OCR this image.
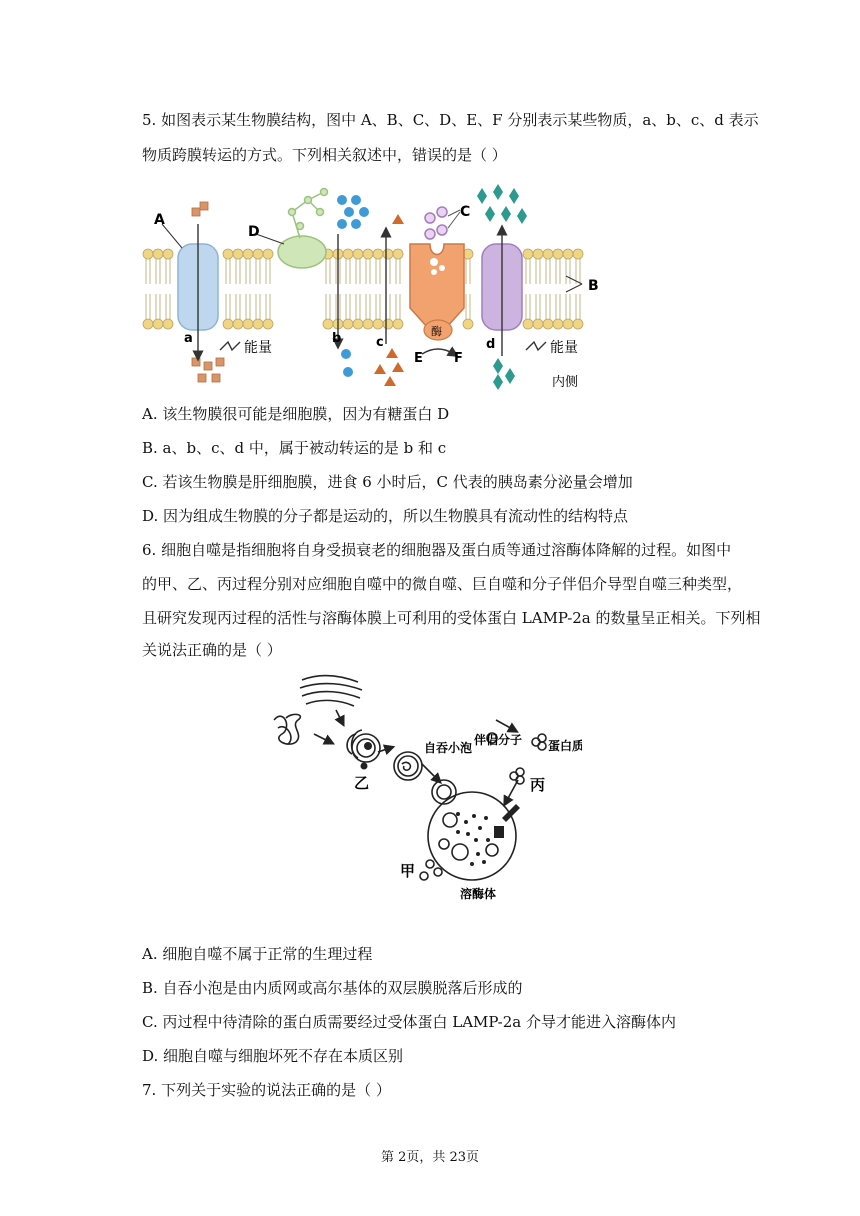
5. 如图表示某生物膜结构，图中 A、B、C、D、E、F 分别表示某些物质，a、b、c、d 表示
物质跨膜转运的方式。下列相关叙述中，错误的是（ ）
酶
A
D
C
B
a	b	c	d
E F
能量	能量
内侧
A. 该生物膜很可能是细胞膜，因为有糖蛋白 D
B. a、b、c、d 中，属于被动转运的是 b 和 c
C. 若该生物膜是肝细胞膜，进食 6 小时后，C 代表的胰岛素分泌量会增加
D. 因为组成生物膜的分子都是运动的，所以生物膜具有流动性的结构特点
6. 细胞自噬是指细胞将自身受损衰老的细胞器及蛋白质等通过溶酶体降解的过程。如图中
的甲、乙、丙过程分别对应细胞自噬中的微自噬、巨自噬和分子伴侣介导型自噬三种类型，
且研究发现丙过程的活性与溶酶体膜上可利用的受体蛋白 LAMP-2a 的数量呈正相关。下列相
关说法正确的是（ ）
乙
甲
丙
自吞小泡
伴侣分子 蛋白质
溶酶体
A. 细胞自噬不属于正常的生理过程
B. 自吞小泡是由内质网或高尔基体的双层膜脱落后形成的
C. 丙过程中待清除的蛋白质需要经过受体蛋白 LAMP-2a 介导才能进入溶酶体内
D. 细胞自噬与细胞坏死不存在本质区别
7. 下列关于实验的说法正确的是（ ）
第 2页，共 23页
